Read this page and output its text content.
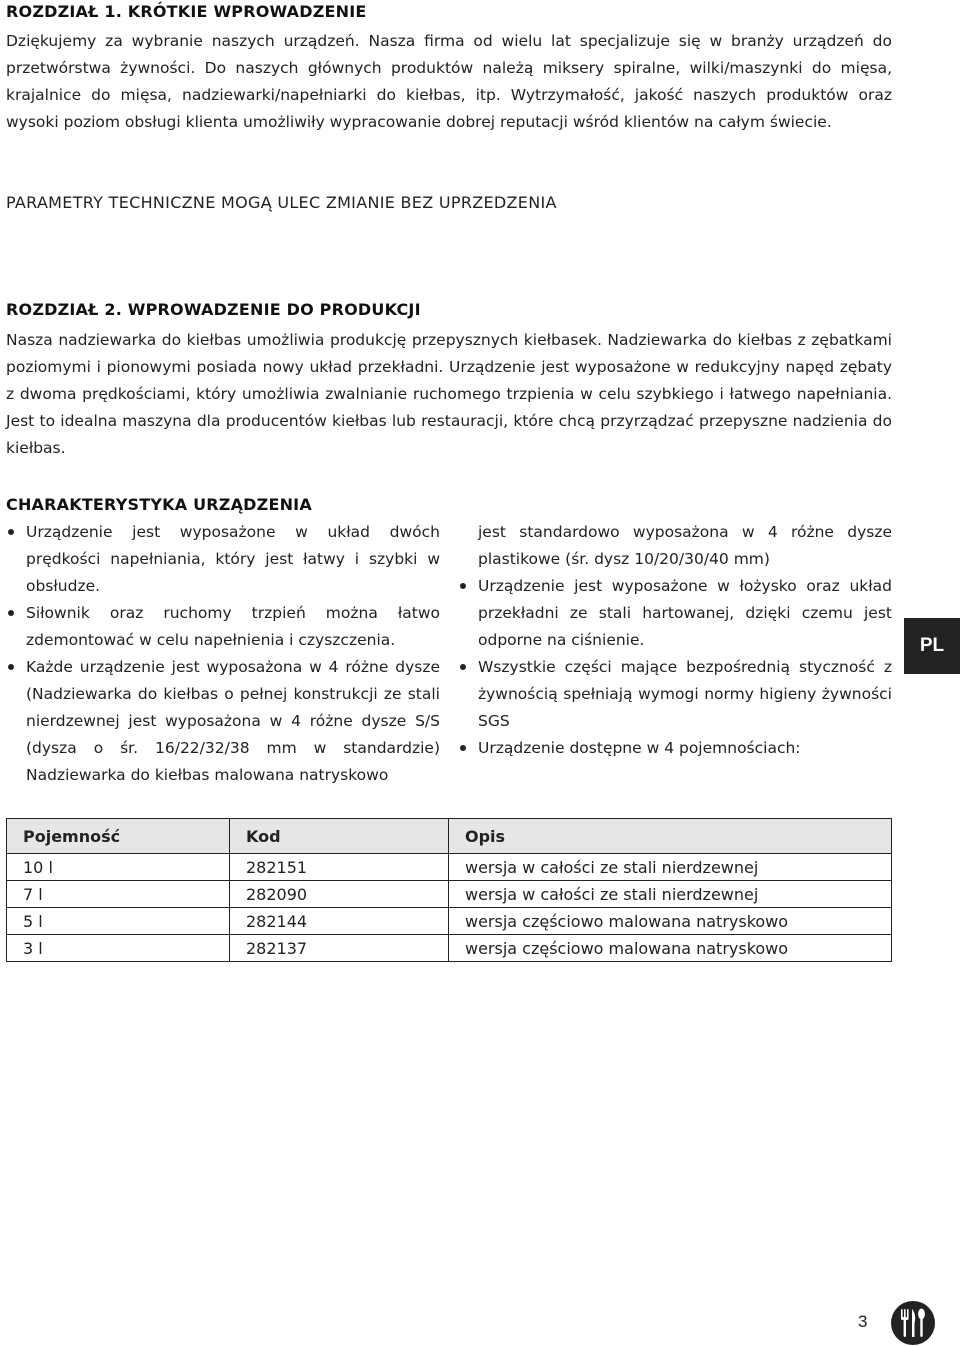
ROZDZIAŁ 1. KRÓTKIE WPROWADZENIE

Dziękujemy za wybranie naszych urządzeń. Nasza firma od wielu lat specjalizuje się w branży urządzeń do przetwórstwa żywności. Do naszych głównych produktów należą miksery spiralne, wilki/maszynki do mięsa, krajalnice do mięsa, nadziewarki/napełniarki do kiełbas, itp. Wytrzymałość, jakość naszych produktów oraz wysoki poziom obsługi klienta umożliwiły wypracowanie dobrej reputacji wśród klientów na całym świecie.

PARAMETRY TECHNICZNE MOGĄ ULEC ZMIANIE BEZ UPRZEDZENIA

ROZDZIAŁ 2. WPROWADZENIE DO PRODUKCJI

Nasza nadziewarka do kiełbas umożliwia produkcję przepysznych kiełbasek. Nadziewarka do kiełbas z zębatkami poziomymi i pionowymi posiada nowy układ przekładni. Urządzenie jest wyposażone w redukcyjny napęd zębaty z dwoma prędkościami, który umożliwia zwalnianie ruchomego trzpienia w celu szybkiego i łatwego napełniania. Jest to idealna maszyna dla producentów kiełbas lub restauracji, które chcą przyrządzać przepyszne nadzienia do kiełbas.

CHARAKTERYSTYKA URZĄDZENIA
Urządzenie jest wyposażone w układ dwóch prędkości napełniania, który jest łatwy i szybki w obsłudze.
Siłownik oraz ruchomy trzpień można łatwo zdemontować w celu napełnienia i czyszczenia.
Każde urządzenie jest wyposażona w 4 różne dysze (Nadziewarka do kiełbas o pełnej konstrukcji ze stali nierdzewnej jest wyposażona w 4 różne dysze S/S (dysza o śr. 16/22/32/38 mm w standardzie) Nadziewarka do kiełbas malowana natryskowo
jest standardowo wyposażona w 4 różne dysze plastikowe (śr. dysz 10/20/30/40 mm)
Urządzenie jest wyposażone w łożysko oraz układ przekładni ze stali hartowanej, dzięki czemu jest odporne na ciśnienie.
Wszystkie części mające bezpośrednią styczność z żywnością spełniają wymogi normy higieny żywności SGS
Urządzenie dostępne w 4 pojemnościach:
Pojemność	Kod	Opis
10 l	282151	wersja w całości ze stali nierdzewnej
7 l	282090	wersja w całości ze stali nierdzewnej
5 l	282144	wersja częściowo malowana natryskowo
3 l	282137	wersja częściowo malowana natryskowo
PL
3
